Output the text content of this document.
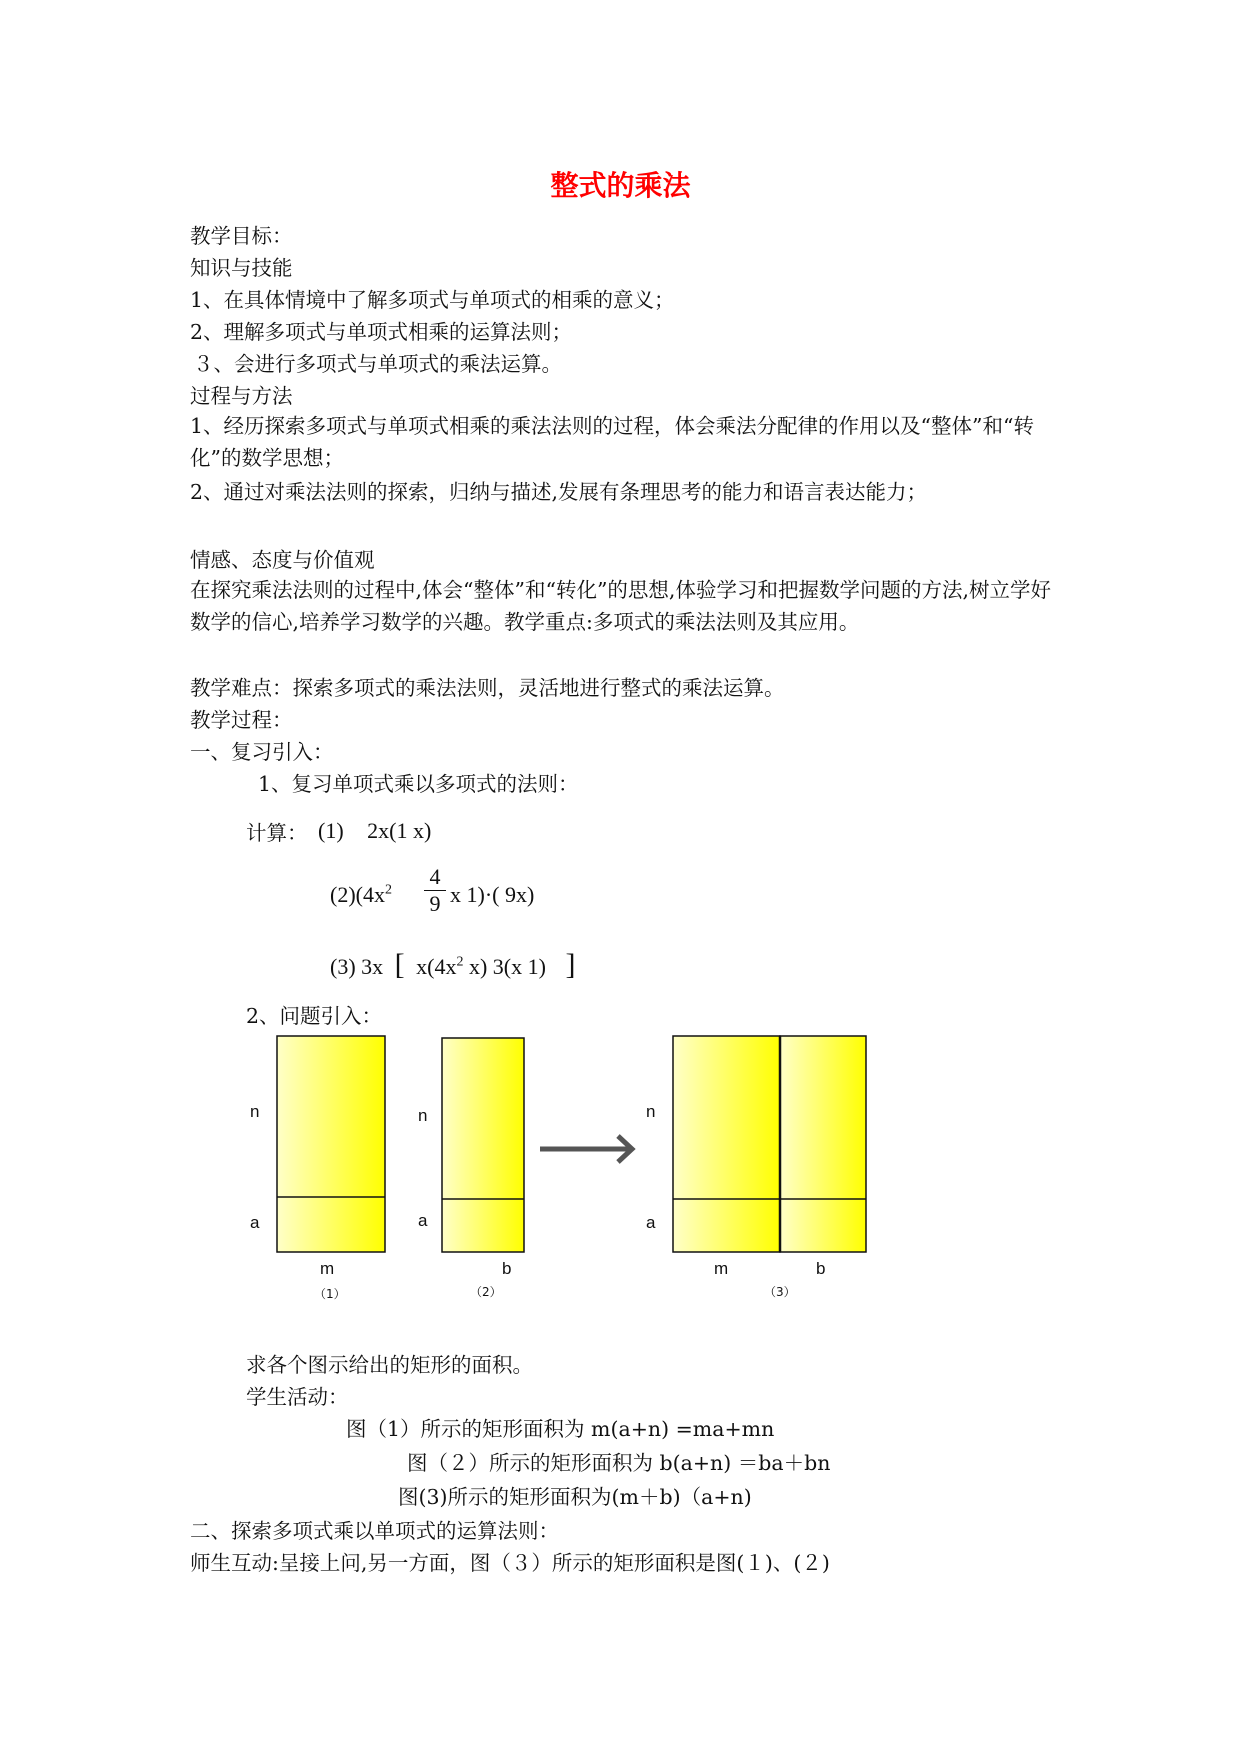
整式的乘法
教学目标：
知识与技能
1、在具体情境中了解多项式与单项式的相乘的意义；
2、理解多项式与单项式相乘的运算法则；
３、会进行多项式与单项式的乘法运算。
过程与方法
1、经历探索多项式与单项式相乘的乘法法则的过程，体会乘法分配律的作用以及“整体”和“转化”的数学思想；
2、通过对乘法法则的探索，归纳与描述,发展有条理思考的能力和语言表达能力；
情感、态度与价值观
在探究乘法法则的过程中,体会“整体”和“转化”的思想,体验学习和把握数学问题的方法,树立学好数学的信心,培养学习数学的兴趣。教学重点:多项式的乘法法则及其应用。
教学难点：探索多项式的乘法法则，灵活地进行整式的乘法运算。
教学过程：
一、复习引入：
1、复习单项式乘以多项式的法则：
计算： (1) 2x(1 x)
$(2)(4x^2 \frac{4}{9}$ x 1)·( 9x)
(3) 3x [ $x(4x^2$ x) 3(x 1) ]
2、问题引入：
n
a
m
（1）
n
a
b
（2）
n
a
m	b
（3）
求各个图示给出的矩形的面积。
学生活动：
图（1）所示的矩形面积为 m(a+n) =ma+mn
图（２）所示的矩形面积为 b(a+n) ＝ba＋bn
图(3)所示的矩形面积为(m＋b)（a+n)
二、探索多项式乘以单项式的运算法则：
师生互动:呈接上问,另一方面，图（３）所示的矩形面积是图(１)、(２)
